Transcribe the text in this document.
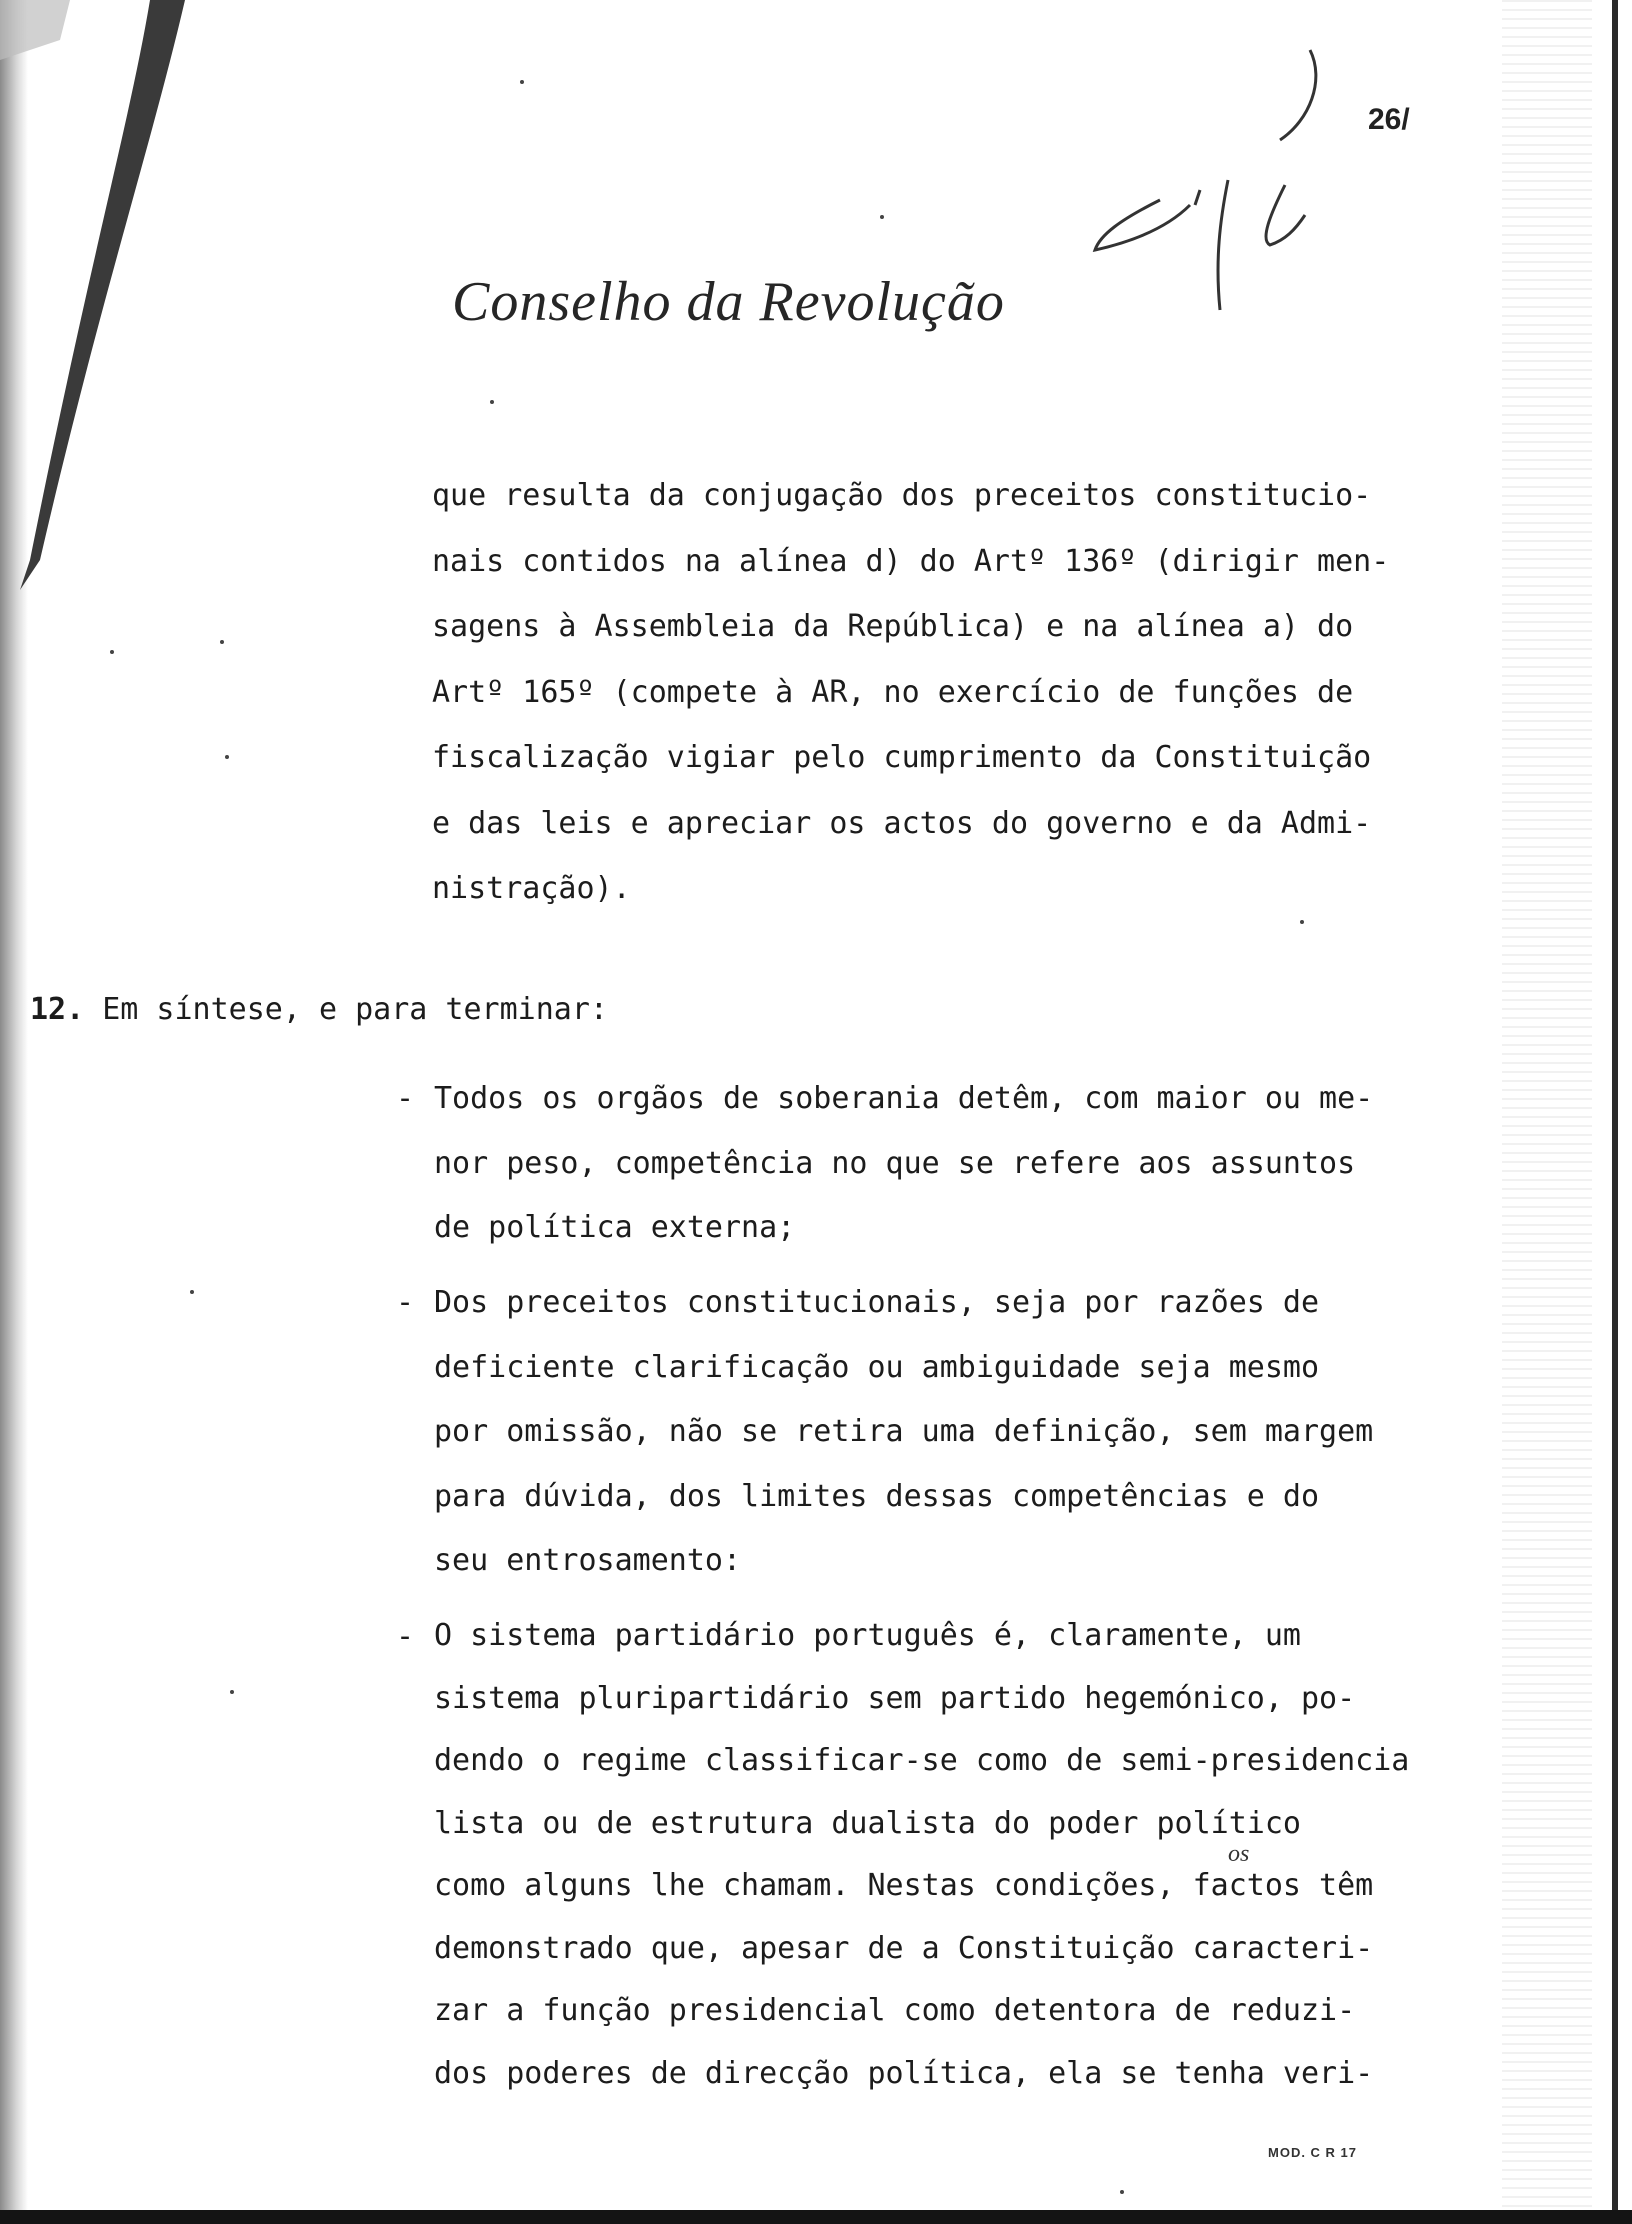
26/
Conselho da Revolução

que resulta da conjugação dos preceitos constitucio-
nais contidos na alínea d) do Artº 136º (dirigir men-
sagens à Assembleia da República) e na alínea a) do
Artº 165º (compete à AR, no exercício de funções de
fiscalização vigiar pelo cumprimento da Constituição
e das leis e apreciar os actos do governo e da Admi-
nistração).

12. Em síntese, e para terminar:
- Todos os orgãos de soberania detêm, com maior ou me-
nor peso, competência no que se refere aos assuntos
de política externa;

- Dos preceitos constitucionais, seja por razões de
deficiente clarificação ou ambiguidade seja mesmo
por omissão, não se retira uma definição, sem margem
para dúvida, dos limites dessas competências e do
seu entrosamento:

- O sistema partidário português é, claramente, um
sistema pluripartidário sem partido hegemónico, po-
dendo o regime classificar-se como de semi-presidencia
lista ou de estrutura dualista do poder político
como alguns lhe chamam. Nestas condições, factos têm
demonstrado que, apesar de a Constituição caracteri-
zar a função presidencial como detentora de reduzi-
dos poderes de direcção política, ela se tenha veri-

os
MOD. C R 17
